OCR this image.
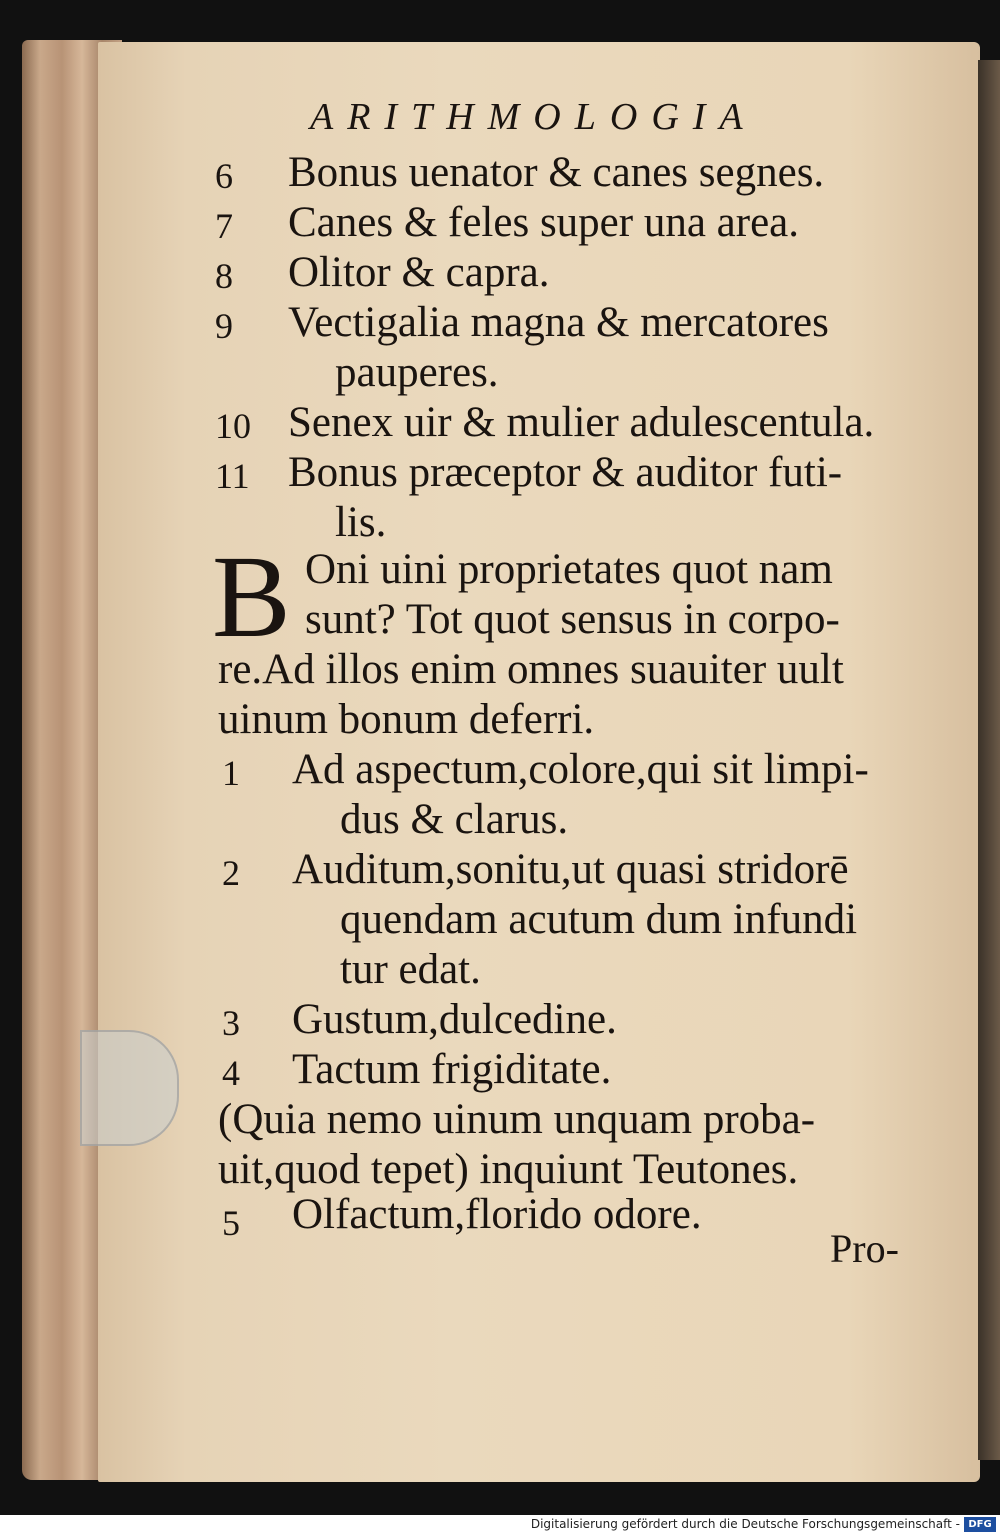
ARITHMOLOGIA
6 Bonus uenator & canes segnes.
7 Canes & feles super una area.
8 Olitor & capra.
9 Vectigalia magna & mercatores
pauperes.
10 Senex uir & mulier adulescentula.
11 Bonus præceptor & auditor futi-
lis.
B Oni uini proprietates quot nam
sunt? Tot quot sensus in corpo-
re.Ad illos enim omnes suauiter uult
uinum bonum deferri.
1 Ad aspectum,colore,qui sit limpi-
dus & clarus.
2 Auditum,sonitu,ut quasi stridorē
quendam acutum dum infundi
tur edat.
3 Gustum,dulcedine.
4 Tactum frigiditate.
(Quia nemo uinum unquam proba-
uit,quod tepet) inquiunt Teutones.
5 Olfactum,florido odore.
Pro-
Digitalisierung gefördert durch die Deutsche Forschungsgemeinschaft - DFG
